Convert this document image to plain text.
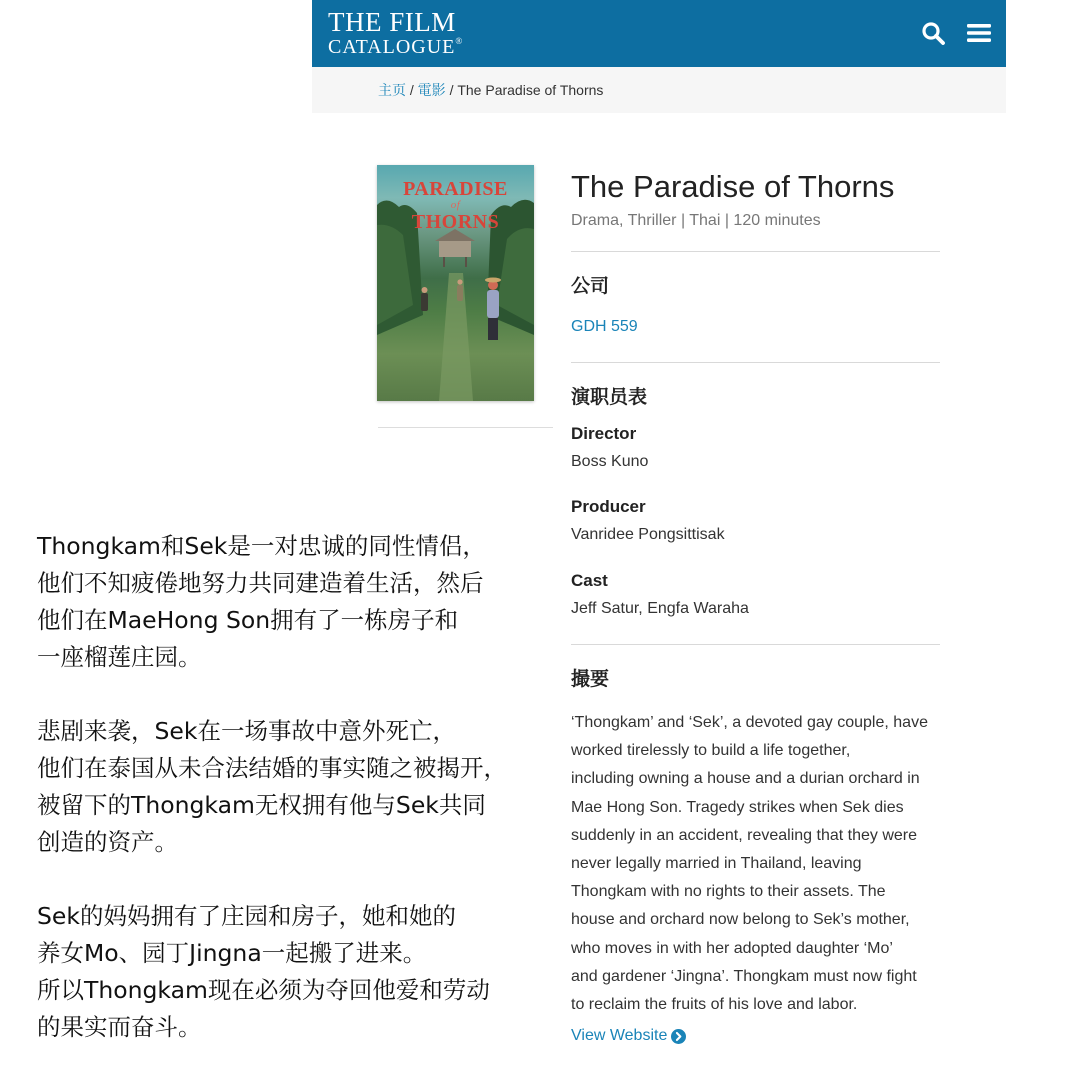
THE FILM
CATALOGUE®
主页 / 電影 / The Paradise of Thorns
PARADISE
of
THORNS
The Paradise of Thorns
Drama, Thriller | Thai | 120 minutes
公司
GDH 559
演职员表
Director
Boss Kuno
Producer
Vanridee Pongsittisak
Cast
Jeff Satur, Engfa Waraha
撮要
‘Thongkam’ and ‘Sek’, a devoted gay couple, have
worked tirelessly to build a life together,
including owning a house and a durian orchard in
Mae Hong Son. Tragedy strikes when Sek dies
suddenly in an accident, revealing that they were
never legally married in Thailand, leaving
Thongkam with no rights to their assets. The
house and orchard now belong to Sek’s mother,
who moves in with her adopted daughter ‘Mo’
and gardener ‘Jingna’. Thongkam must now fight
to reclaim the fruits of his love and labor.
View Website
Thongkam和Sek是一对忠诚的同性情侣，
他们不知疲倦地努力共同建造着生活，然后
他们在MaeHong Son拥有了一栋房子和
一座榴莲庄园。
悲剧来袭，Sek在一场事故中意外死亡，
他们在泰国从未合法结婚的事实随之被揭开，
被留下的Thongkam无权拥有他与Sek共同
创造的资产。
Sek的妈妈拥有了庄园和房子，她和她的
养女Mo、园丁Jingna一起搬了进来。
所以Thongkam现在必须为夺回他爱和劳动
的果实而奋斗。
